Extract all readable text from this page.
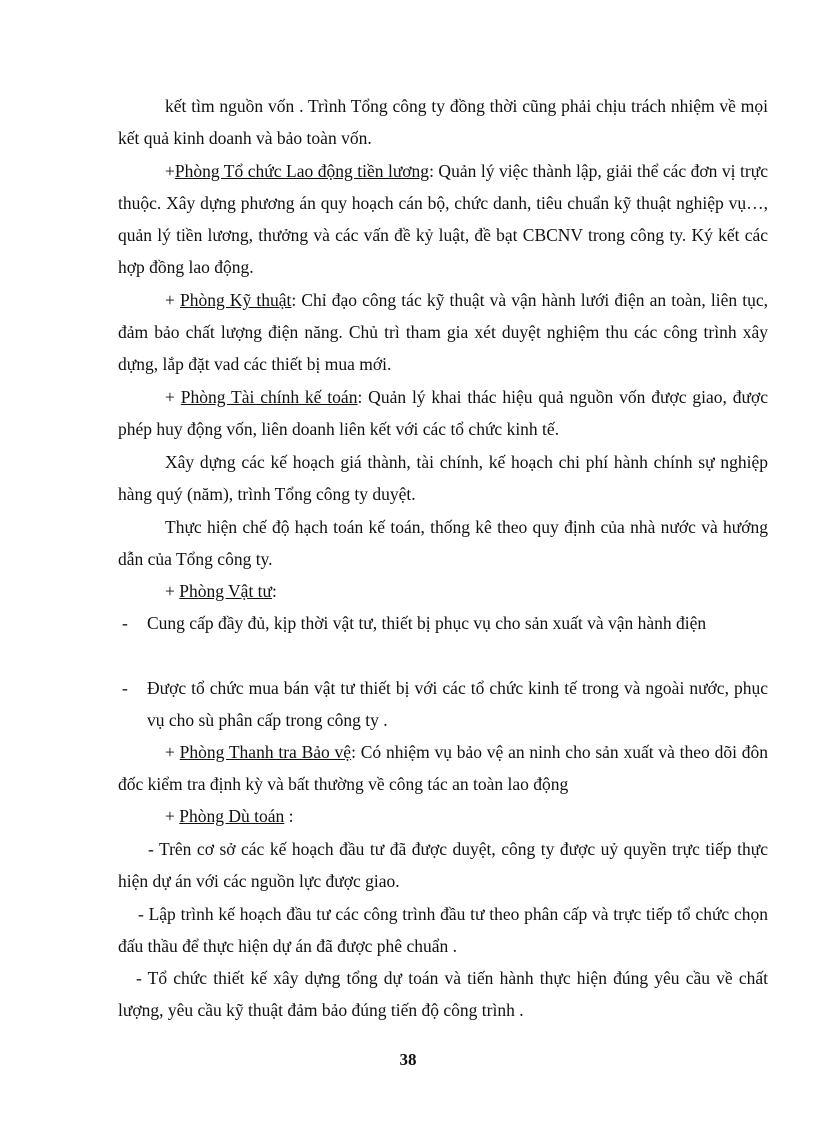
kết tìm nguồn vốn . Trình Tổng công ty đồng thời cũng phải chịu trách nhiệm về mọi kết quả kinh doanh và bảo toàn vốn.
+Phòng Tổ chức Lao động tiền lương: Quản lý việc thành lập, giải thể các đơn vị trực thuộc. Xây dựng phương án quy hoạch cán bộ, chức danh, tiêu chuẩn kỹ thuật nghiệp vụ…, quản lý tiền lương, thưởng và các vấn đề kỷ luật, đề bạt CBCNV trong công ty. Ký kết các hợp đồng lao động.
+ Phòng Kỹ thuật: Chỉ đạo công tác kỹ thuật và vận hành lưới điện an toàn, liên tục, đảm bảo chất lượng điện năng. Chủ trì tham gia xét duyệt nghiệm thu các công trình xây dựng, lắp đặt vad các thiết bị mua mới.
+ Phòng Tài chính kế toán: Quản lý khai thác hiệu quả nguồn vốn được giao, được phép huy động vốn, liên doanh liên kết với các tổ chức kinh tế.
Xây dựng các kế hoạch giá thành, tài chính, kế hoạch chi phí hành chính sự nghiệp hàng quý (năm), trình Tổng công ty duyệt.
Thực hiện chế độ hạch toán kế toán, thống kê theo quy định của nhà nước và hướng dẫn của Tổng công ty.
+ Phòng Vật tư:
- Cung cấp đầy đủ, kịp thời vật tư, thiết bị phục vụ cho sản xuất và vận hành điện
- Được tổ chức mua bán vật tư thiết bị với các tổ chức kinh tế trong và ngoài nước, phục vụ cho sù phân cấp trong công ty .
+ Phòng Thanh tra Bảo vệ: Có nhiệm vụ bảo vệ an ninh cho sản xuất và theo dõi đôn đốc kiểm tra định kỳ và bất thường về công tác an toàn lao động
+ Phòng Dù toán :
- Trên cơ sở các kế hoạch đầu tư đã được duyệt, công ty được uỷ quyền trực tiếp thực hiện dự án với các nguồn lực được giao.
- Lập trình kế hoạch đầu tư các công trình đầu tư theo phân cấp và trực tiếp tổ chức chọn đấu thầu để thực hiện dự án đã được phê chuẩn .
- Tổ chức thiết kế xây dựng tổng dự toán và tiến hành thực hiện đúng yêu cầu về chất lượng, yêu cầu kỹ thuật đảm bảo đúng tiến độ công trình .
38
